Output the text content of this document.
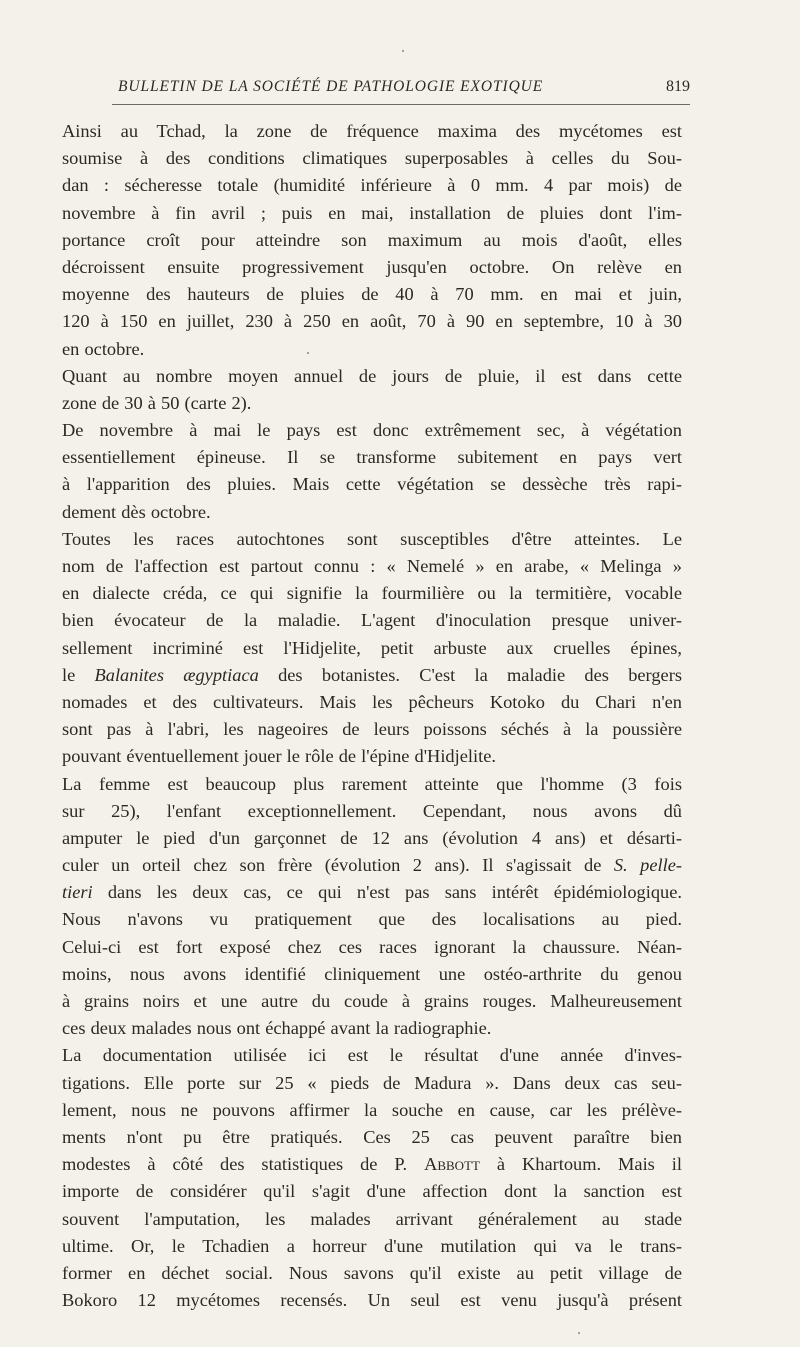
BULLETIN DE LA SOCIÉTÉ DE PATHOLOGIE EXOTIQUE	819
Ainsi au Tchad, la zone de fréquence maxima des mycétomes est
soumise à des conditions climatiques superposables à celles du Sou-
dan : sécheresse totale (humidité inférieure à 0 mm. 4 par mois) de
novembre à fin avril ; puis en mai, installation de pluies dont l'im-
portance croît pour atteindre son maximum au mois d'août, elles
décroissent ensuite progressivement jusqu'en octobre. On relève en
moyenne des hauteurs de pluies de 40 à 70 mm. en mai et juin,
120 à 150 en juillet, 230 à 250 en août, 70 à 90 en septembre, 10 à 30
en octobre.
Quant au nombre moyen annuel de jours de pluie, il est dans cette
zone de 30 à 50 (carte 2).
De novembre à mai le pays est donc extrêmement sec, à végétation
essentiellement épineuse. Il se transforme subitement en pays vert
à l'apparition des pluies. Mais cette végétation se dessèche très rapi-
dement dès octobre.
Toutes les races autochtones sont susceptibles d'être atteintes. Le
nom de l'affection est partout connu : « Nemelé » en arabe, « Melinga »
en dialecte créda, ce qui signifie la fourmilière ou la termitière, vocable
bien évocateur de la maladie. L'agent d'inoculation presque univer-
sellement incriminé est l'Hidjelite, petit arbuste aux cruelles épines,
le Balanites ægyptiaca des botanistes. C'est la maladie des bergers
nomades et des cultivateurs. Mais les pêcheurs Kotoko du Chari n'en
sont pas à l'abri, les nageoires de leurs poissons séchés à la poussière
pouvant éventuellement jouer le rôle de l'épine d'Hidjelite.
La femme est beaucoup plus rarement atteinte que l'homme (3 fois
sur 25), l'enfant exceptionnellement. Cependant, nous avons dû
amputer le pied d'un garçonnet de 12 ans (évolution 4 ans) et désarti-
culer un orteil chez son frère (évolution 2 ans). Il s'agissait de S. pelle-
tieri dans les deux cas, ce qui n'est pas sans intérêt épidémiologique.
Nous n'avons vu pratiquement que des localisations au pied.
Celui-ci est fort exposé chez ces races ignorant la chaussure. Néan-
moins, nous avons identifié cliniquement une ostéo-arthrite du genou
à grains noirs et une autre du coude à grains rouges. Malheureusement
ces deux malades nous ont échappé avant la radiographie.
La documentation utilisée ici est le résultat d'une année d'inves-
tigations. Elle porte sur 25 « pieds de Madura ». Dans deux cas seu-
lement, nous ne pouvons affirmer la souche en cause, car les prélève-
ments n'ont pu être pratiqués. Ces 25 cas peuvent paraître bien
modestes à côté des statistiques de P. Abbott à Khartoum. Mais il
importe de considérer qu'il s'agit d'une affection dont la sanction est
souvent l'amputation, les malades arrivant généralement au stade
ultime. Or, le Tchadien a horreur d'une mutilation qui va le trans-
former en déchet social. Nous savons qu'il existe au petit village de
Bokoro 12 mycétomes recensés. Un seul est venu jusqu'à présent
